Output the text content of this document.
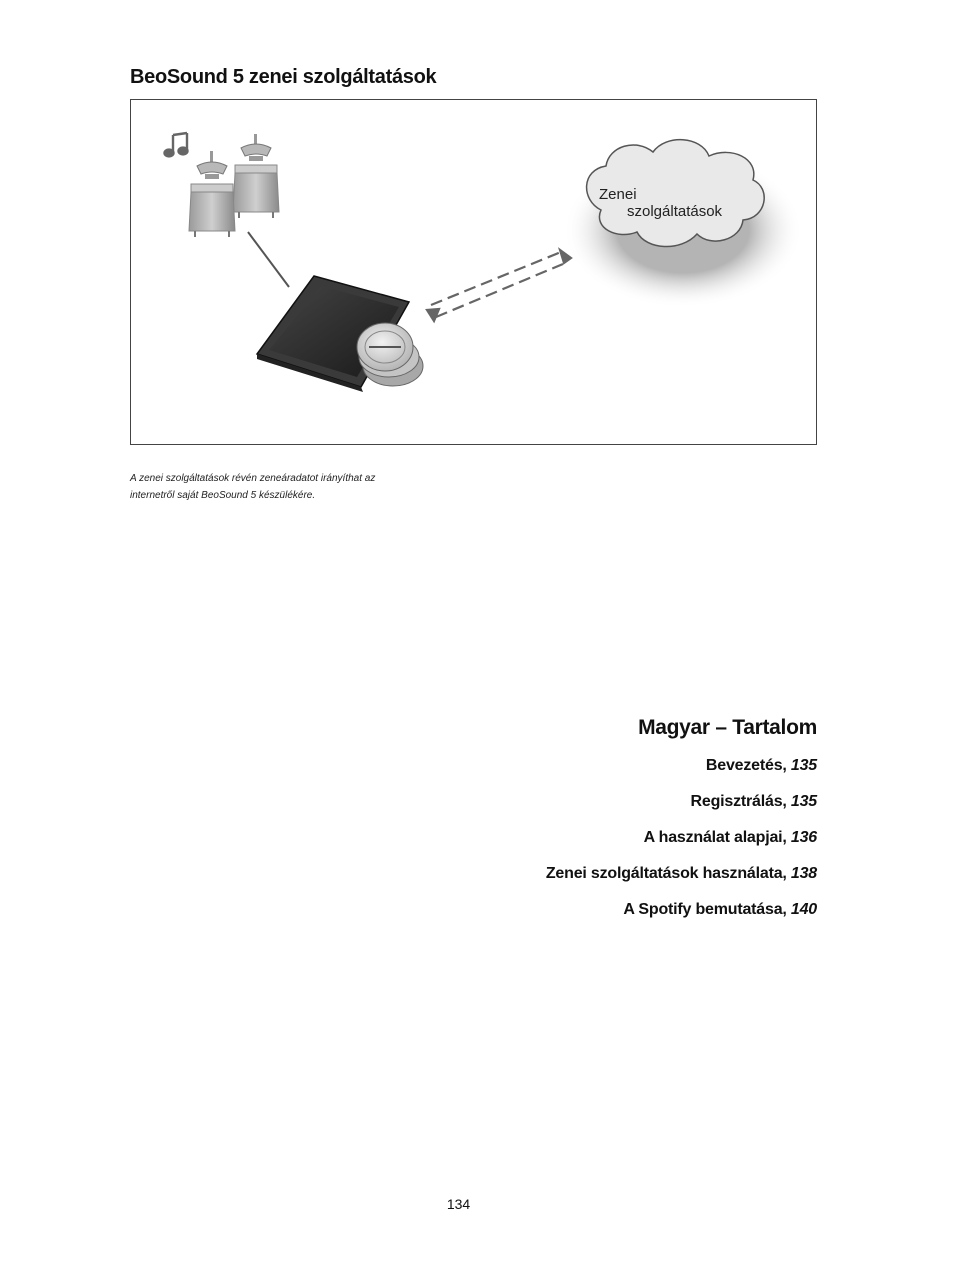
BeoSound 5 zenei szolgáltatások
Zenei
szolgáltatások
A zenei szolgáltatások révén zeneáradatot irányíthat az
internetről saját BeoSound 5 készülékére.
Magyar – Tartalom
Bevezetés, 135
Regisztrálás, 135
A használat alapjai, 136
Zenei szolgáltatások használata, 138
A Spotify bemutatása, 140
134
